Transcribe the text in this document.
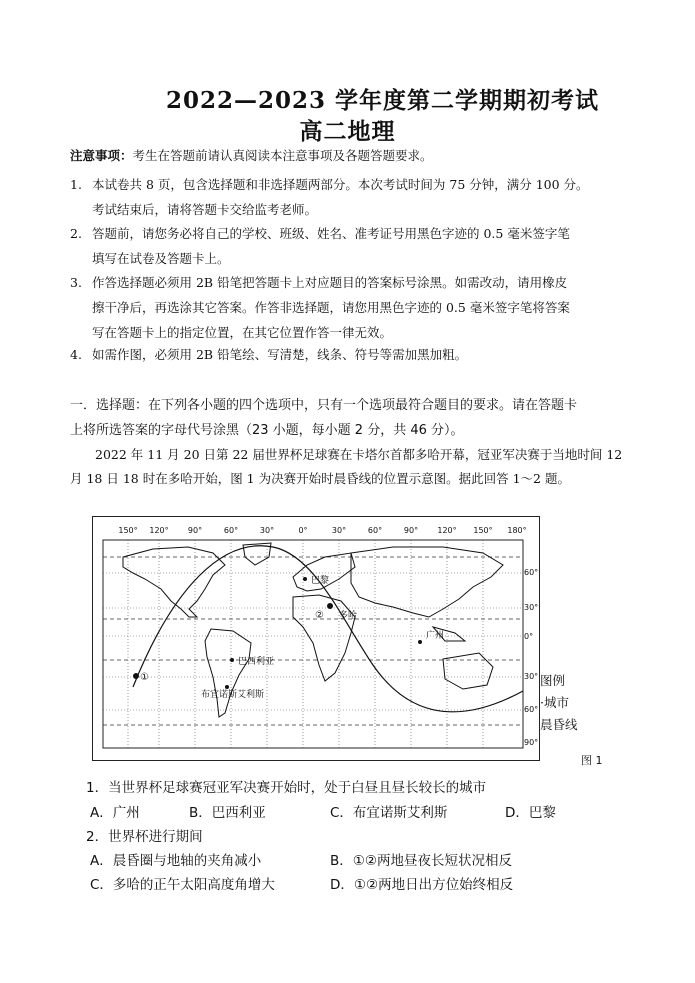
2022—2023 学年度第二学期期初考试
高二地理
注意事项：考生在答题前请认真阅读本注意事项及各题答题要求。
1. 本试卷共 8 页，包含选择题和非选择题两部分。本次考试时间为 75 分钟，满分 100 分。
考试结束后，请将答题卡交给监考老师。
2. 答题前，请您务必将自己的学校、班级、姓名、准考证号用黑色字迹的 0.5 毫米签字笔
填写在试卷及答题卡上。
3. 作答选择题必须用 2B 铅笔把答题卡上对应题目的答案标号涂黑。如需改动，请用橡皮
擦干净后，再选涂其它答案。作答非选择题，请您用黑色字迹的 0.5 毫米签字笔将答案
写在答题卡上的指定位置，在其它位置作答一律无效。
4. 如需作图，必须用 2B 铅笔绘、写清楚，线条、符号等需加黑加粗。
一．选择题：在下列各小题的四个选项中，只有一个选项最符合题目的要求。请在答题卡
上将所选答案的字母代号涂黑（23 小题，每小题 2 分，共 46 分）。
2022 年 11 月 20 日第 22 届世界杯足球赛在卡塔尔首都多哈开幕，冠亚军决赛于当地时间 12 月 18 日 18 时在多哈开始，图 1 为决赛开始时晨昏线的位置示意图。据此回答 1～2 题。
150° 120° 90°	60°	30°	0°	30°	60°	90° 120° 150° 180°
60°
30°
0°
30°
60°
90°
巴黎
多哈
广州
巴西利亚
布宜诺斯艾利斯
①
②
图例
·城市
晨昏线
图 1
1．当世界杯足球赛冠亚军决赛开始时，处于白昼且昼长较长的城市
A．广州	B．巴西利亚	C．布宜诺斯艾利斯	D．巴黎
2．世界杯进行期间
A．晨昏圈与地轴的夹角减小	B．①②两地昼夜长短状况相反
C．多哈的正午太阳高度角增大	D．①②两地日出方位始终相反
